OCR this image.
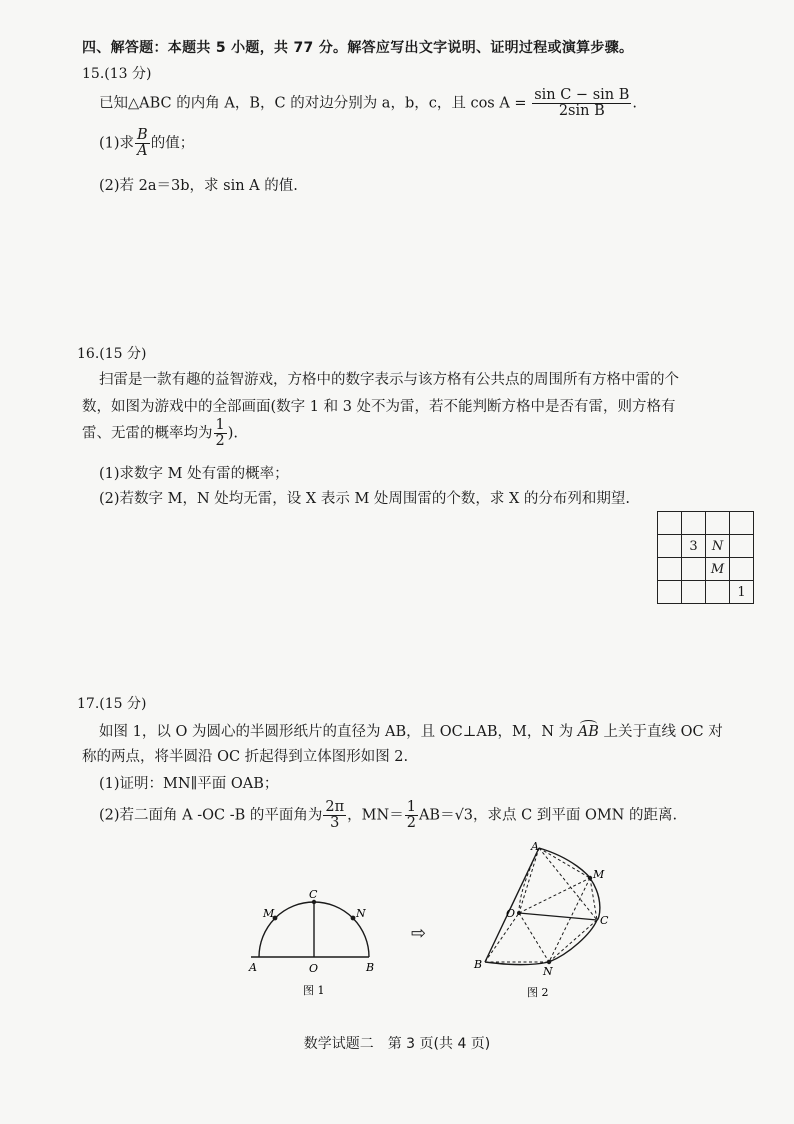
四、解答题：本题共 5 小题，共 77 分。解答应写出文字说明、证明过程或演算步骤。
15.(13 分)
已知△ABC 的内角 A，B，C 的对边分别为 a，b，c，且 $\cos A = \frac{\text{sin C − sin B}}{\text{2sin B}}$ .
(1)求 $\frac{B}{A}$ 的值；
(2)若 2a＝3b，求 sin A 的值.
16.(15 分)
扫雷是一款有趣的益智游戏，方格中的数字表示与该方格有公共点的周围所有方格中雷的个
数，如图为游戏中的全部画面(数字 1 和 3 处不为雷，若不能判断方格中是否有雷，则方格有
雷、无雷的概率均为 $\frac{1}{2}$ ).
(1)求数字 M 处有雷的概率；
(2)若数字 M，N 处均无雷，设 X 表示 M 处周围雷的个数，求 X 的分布列和期望.

	3	N	
		M	
			1
17.(15 分)
如图 1，以 O 为圆心的半圆形纸片的直径为 AB，且 OC⊥AB，M，N 为 AB 上关于直线 OC 对
称的两点，将半圆沿 OC 折起得到立体图形如图 2.
(1)证明：MN∥平面 OAB；
(2)若二面角 A -OC -B 的平面角为 $\frac{2\pi}{3}$ ，$MN= \frac{1}{2} AB=√3$，求点 C 到平面 OMN 的距离.
A	B
O
C
M	N
图 1
⇨
A
B
O
C
M
N
图 2
数学试题二　第 3 页(共 4 页)
